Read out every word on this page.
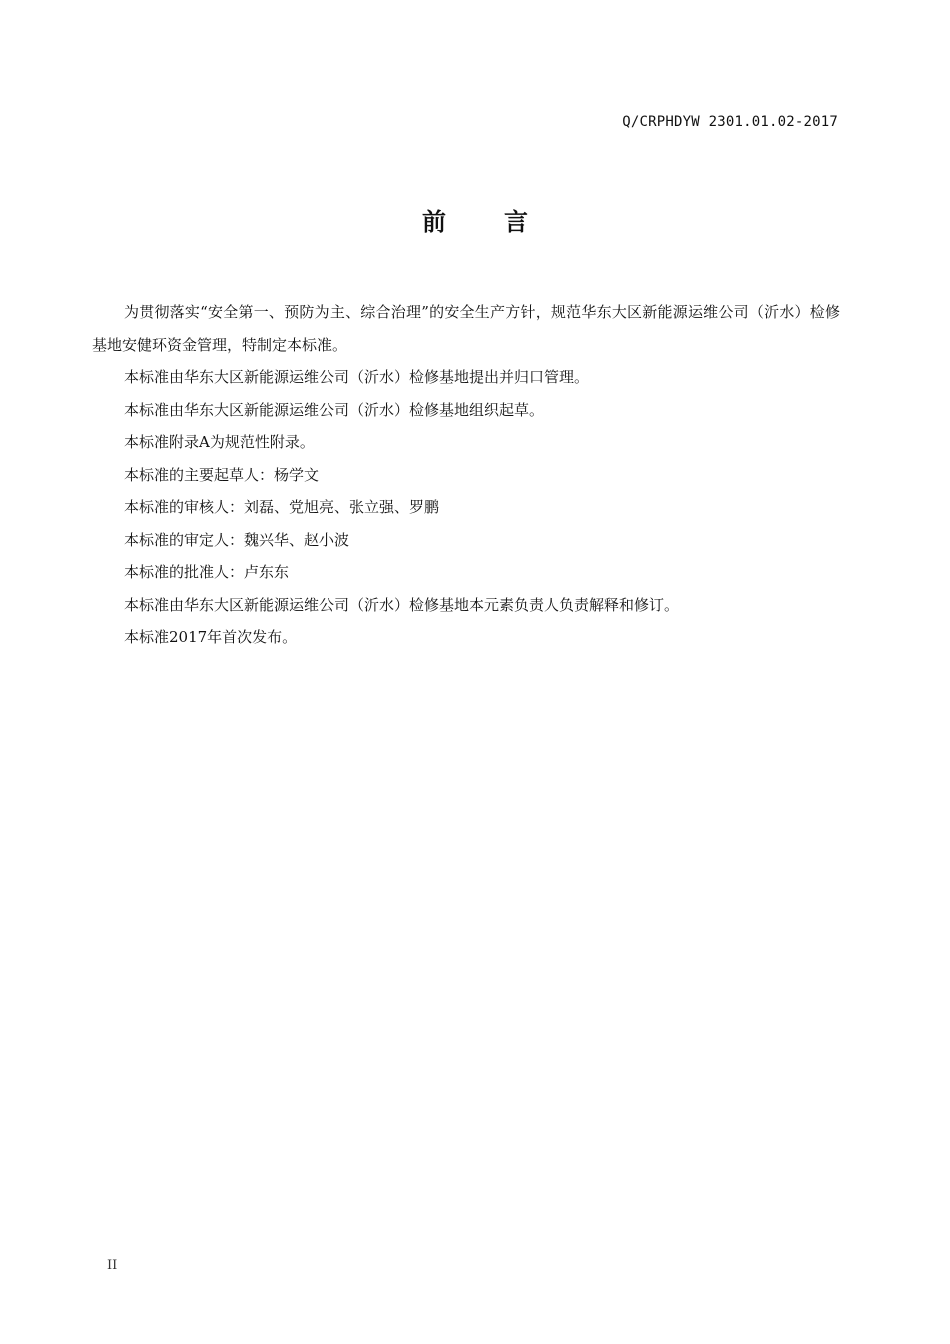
Q/CRPHDYW 2301.01.02-2017
前言

为贯彻落实“安全第一、预防为主、综合治理”的安全生产方针，规范华东大区新能源运维公司（沂水）检修基地安健环资金管理，特制定本标准。

本标准由华东大区新能源运维公司（沂水）检修基地提出并归口管理。

本标准由华东大区新能源运维公司（沂水）检修基地组织起草。

本标准附录A为规范性附录。

本标准的主要起草人：杨学文

本标准的审核人：刘磊、党旭亮、张立强、罗鹏

本标准的审定人：魏兴华、赵小波

本标准的批准人：卢东东

本标准由华东大区新能源运维公司（沂水）检修基地本元素负责人负责解释和修订。

本标准2017年首次发布。

II
